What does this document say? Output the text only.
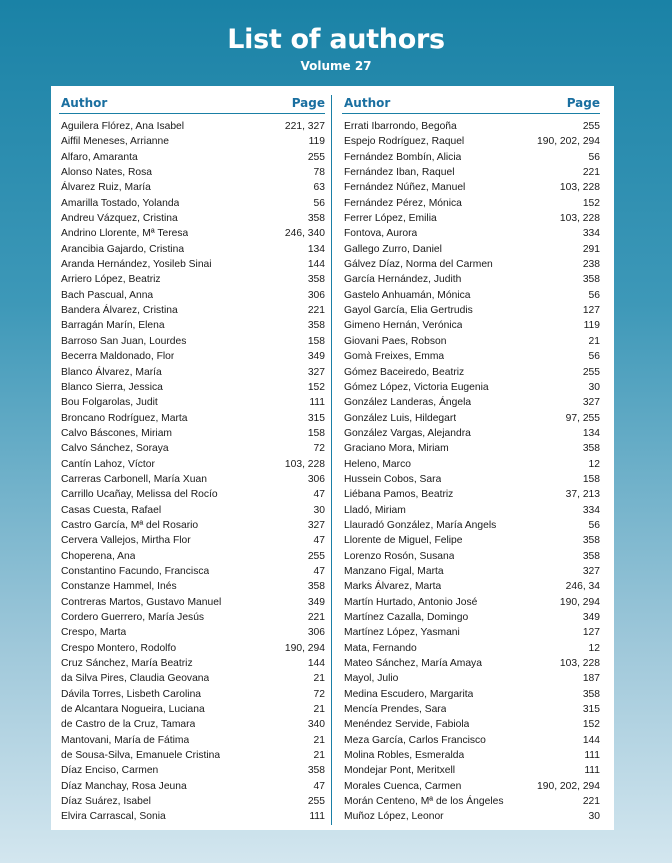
List of authors
Volume 27
Author	Page
Aguilera Flórez, Ana Isabel	221, 327
Aiffil Meneses, Arrianne	119
Alfaro, Amaranta	255
Alonso Nates, Rosa	78
Álvarez Ruiz, María	63
Amarilla Tostado, Yolanda	56
Andreu Vázquez, Cristina	358
Andrino Llorente, Mª Teresa	246, 340
Arancibia Gajardo, Cristina	134
Aranda Hernández, Yosileb Sinai	144
Arriero López, Beatriz	358
Bach Pascual, Anna	306
Bandera Álvarez, Cristina	221
Barragán Marín, Elena	358
Barroso San Juan, Lourdes	158
Becerra Maldonado, Flor	349
Blanco Álvarez, María	327
Blanco Sierra, Jessica	152
Bou Folgarolas, Judit	111
Broncano Rodríguez, Marta	315
Calvo Báscones, Miriam	158
Calvo Sánchez, Soraya	72
Cantín Lahoz, Víctor	103, 228
Carreras Carbonell, María Xuan	306
Carrillo Ucañay, Melissa del Rocío	47
Casas Cuesta, Rafael	30
Castro García, Mª del Rosario	327
Cervera Vallejos, Mirtha Flor	47
Choperena, Ana	255
Constantino Facundo, Francisca	47
Constanze Hammel, Inés	358
Contreras Martos, Gustavo Manuel	349
Cordero Guerrero, María Jesús	221
Crespo, Marta	306
Crespo Montero, Rodolfo	190, 294
Cruz Sánchez, María Beatriz	144
da Silva Pires, Claudia Geovana	21
Dávila Torres, Lisbeth Carolina	72
de Alcantara Nogueira, Luciana	21
de Castro de la Cruz, Tamara	340
Mantovani, María de Fátima	21
de Sousa-Silva, Emanuele Cristina	21
Díaz Enciso, Carmen	358
Díaz Manchay, Rosa Jeuna	47
Díaz Suárez, Isabel	255
Elvira Carrascal, Sonia	111
Author	Page
Errati Ibarrondo, Begoña	255
Espejo Rodríguez, Raquel	190, 202, 294
Fernández Bombín, Alicia	56
Fernández Iban, Raquel	221
Fernández Núñez, Manuel	103, 228
Fernández Pérez, Mónica	152
Ferrer López, Emilia	103, 228
Fontova, Aurora	334
Gallego Zurro, Daniel	291
Gálvez Díaz, Norma del Carmen	238
García Hernández, Judith	358
Gastelo Anhuamán, Mónica	56
Gayol García, Elia Gertrudis	127
Gimeno Hernán, Verónica	119
Giovani Paes, Robson	21
Gomà Freixes, Emma	56
Gómez Baceiredo, Beatriz	255
Gómez López, Victoria Eugenia	30
González Landeras, Ángela	327
González Luis, Hildegart	97, 255
González Vargas, Alejandra	134
Graciano Mora, Miriam	358
Heleno, Marco	12
Hussein Cobos, Sara	158
Liébana Pamos, Beatriz	37, 213
Lladó, Miriam	334
Llauradó González, María Angels	56
Llorente de Miguel, Felipe	358
Lorenzo Rosón, Susana	358
Manzano Figal, Marta	327
Marks Álvarez, Marta	246, 34
Martín Hurtado, Antonio José	190, 294
Martínez Cazalla, Domingo	349
Martínez López, Yasmani	127
Mata, Fernando	12
Mateo Sánchez, María Amaya	103, 228
Mayol, Julio	187
Medina Escudero, Margarita	358
Mencía Prendes, Sara	315
Menéndez Servide, Fabiola	152
Meza García, Carlos Francisco	144
Molina Robles, Esmeralda	111
Mondejar Pont, Meritxell	111
Morales Cuenca, Carmen	190, 202, 294
Morán Centeno, Mª de los Ángeles	221
Muñoz López, Leonor	30
